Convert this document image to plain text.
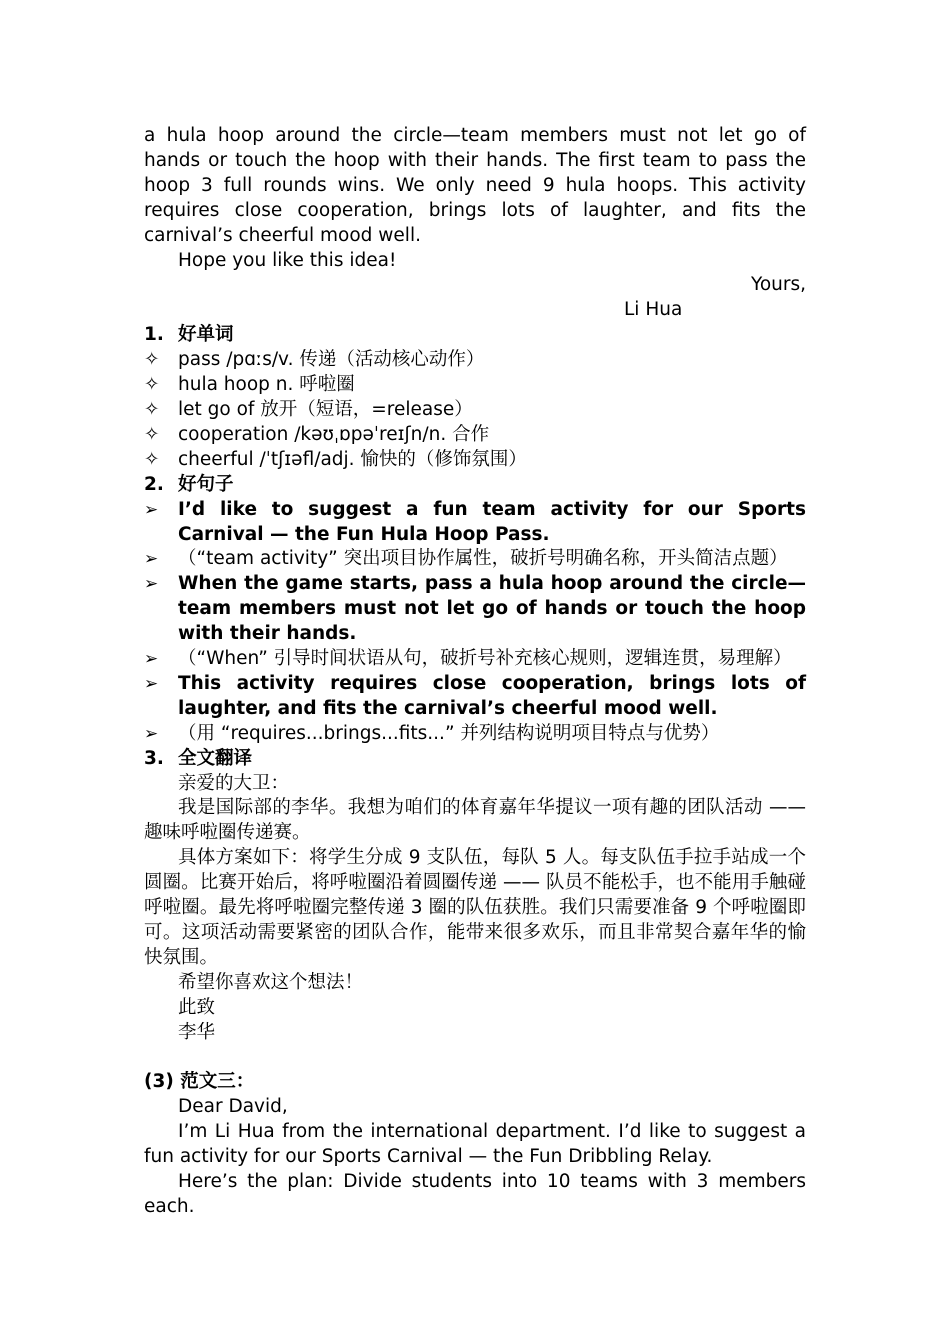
a hula hoop around the circle—team members must not let go of hands or touch the hoop with their hands. The first team to pass the hoop 3 full rounds wins. We only need 9 hula hoops. This activity requires close cooperation, brings lots of laughter, and fits the carnival’s cheerful mood well.
Hope you like this idea!
Yours,
Li Hua
1. 好单词
✧ pass /pɑːs/v. 传递（活动核心动作）
✧ hula hoop n. 呼啦圈
✧ let go of 放开（短语，=release）
✧ cooperation /kəʊˌɒpəˈreɪʃn/n. 合作
✧ cheerful /ˈtʃɪəfl/adj. 愉快的（修饰氛围）
2. 好句子
➢	I’d like to suggest a fun team activity for our Sports Carnival — the Fun Hula Hoop Pass.
➢	（“team activity” 突出项目协作属性，破折号明确名称，开头简洁点题）
➢	When the game starts, pass a hula hoop around the circle—team members must not let go of hands or touch the hoop with their hands.
➢	（“When” 引导时间状语从句，破折号补充核心规则，逻辑连贯，易理解）
➢	This activity requires close cooperation, brings lots of laughter, and fits the carnival’s cheerful mood well.
➢	（用 “requires...brings...fits...” 并列结构说明项目特点与优势）
3. 全文翻译
亲爱的大卫：
我是国际部的李华。我想为咱们的体育嘉年华提议一项有趣的团队活动 —— 趣味呼啦圈传递赛。
具体方案如下：将学生分成 9 支队伍，每队 5 人。每支队伍手拉手站成一个圆圈。比赛开始后，将呼啦圈沿着圆圈传递 —— 队员不能松手，也不能用手触碰呼啦圈。最先将呼啦圈完整传递 3 圈的队伍获胜。我们只需要准备 9 个呼啦圈即可。这项活动需要紧密的团队合作，能带来很多欢乐，而且非常契合嘉年华的愉快氛围。
希望你喜欢这个想法！
此致
李华
(3) 范文三：
Dear David,
I’m Li Hua from the international department. I’d like to suggest a fun activity for our Sports Carnival — the Fun Dribbling Relay.
Here’s the plan: Divide students into 10 teams with 3 members each.
